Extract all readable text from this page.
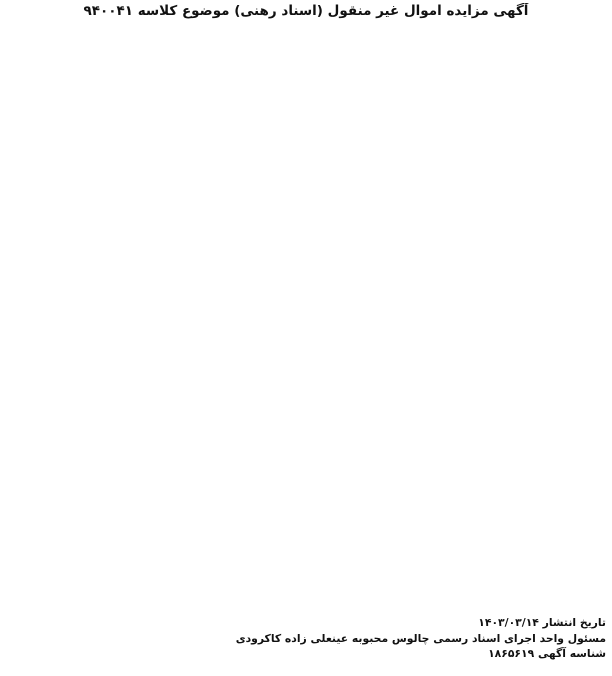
آگهی مزایده اموال غیر منقول (اسناد رهنی) موضوع کلاسه ۹۴۰۰۴۱
تاریخ انتشار ۱۴۰۳/۰۳/۱۴
مسئول واحد اجرای اسناد رسمی چالوس محبوبه عینعلی زاده کاکرودی
شناسه آگهی ۱۸۶۵۶۱۹
